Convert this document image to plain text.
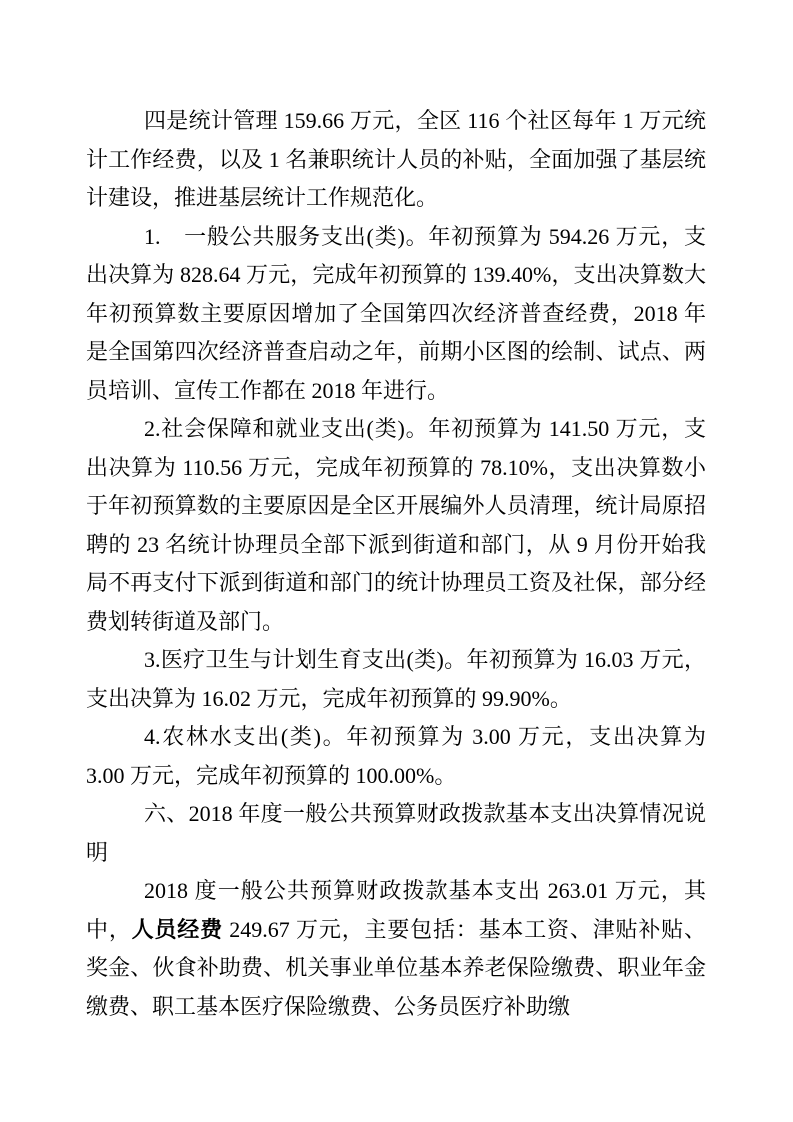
四是统计管理 159.66 万元，全区 116 个社区每年 1 万元统计工作经费，以及 1 名兼职统计人员的补贴，全面加强了基层统计建设，推进基层统计工作规范化。

1.　一般公共服务支出(类)。年初预算为 594.26 万元，支出决算为 828.64 万元，完成年初预算的 139.40%，支出决算数大年初预算数主要原因增加了全国第四次经济普查经费，2018 年是全国第四次经济普查启动之年，前期小区图的绘制、试点、两员培训、宣传工作都在 2018 年进行。

2.社会保障和就业支出(类)。年初预算为 141.50 万元，支出决算为 110.56 万元，完成年初预算的 78.10%，支出决算数小于年初预算数的主要原因是全区开展编外人员清理，统计局原招聘的 23 名统计协理员全部下派到街道和部门，从 9 月份开始我局不再支付下派到街道和部门的统计协理员工资及社保，部分经费划转街道及部门。

3.医疗卫生与计划生育支出(类)。年初预算为 16.03 万元，支出决算为 16.02 万元，完成年初预算的 99.90%。

4.农林水支出(类)。年初预算为 3.00 万元，支出决算为 3.00 万元，完成年初预算的 100.00%。

六、2018 年度一般公共预算财政拨款基本支出决算情况说明

2018 度一般公共预算财政拨款基本支出 263.01 万元，其中，人员经费 249.67 万元，主要包括：基本工资、津贴补贴、奖金、伙食补助费、机关事业单位基本养老保险缴费、职业年金缴费、职工基本医疗保险缴费、公务员医疗补助缴
